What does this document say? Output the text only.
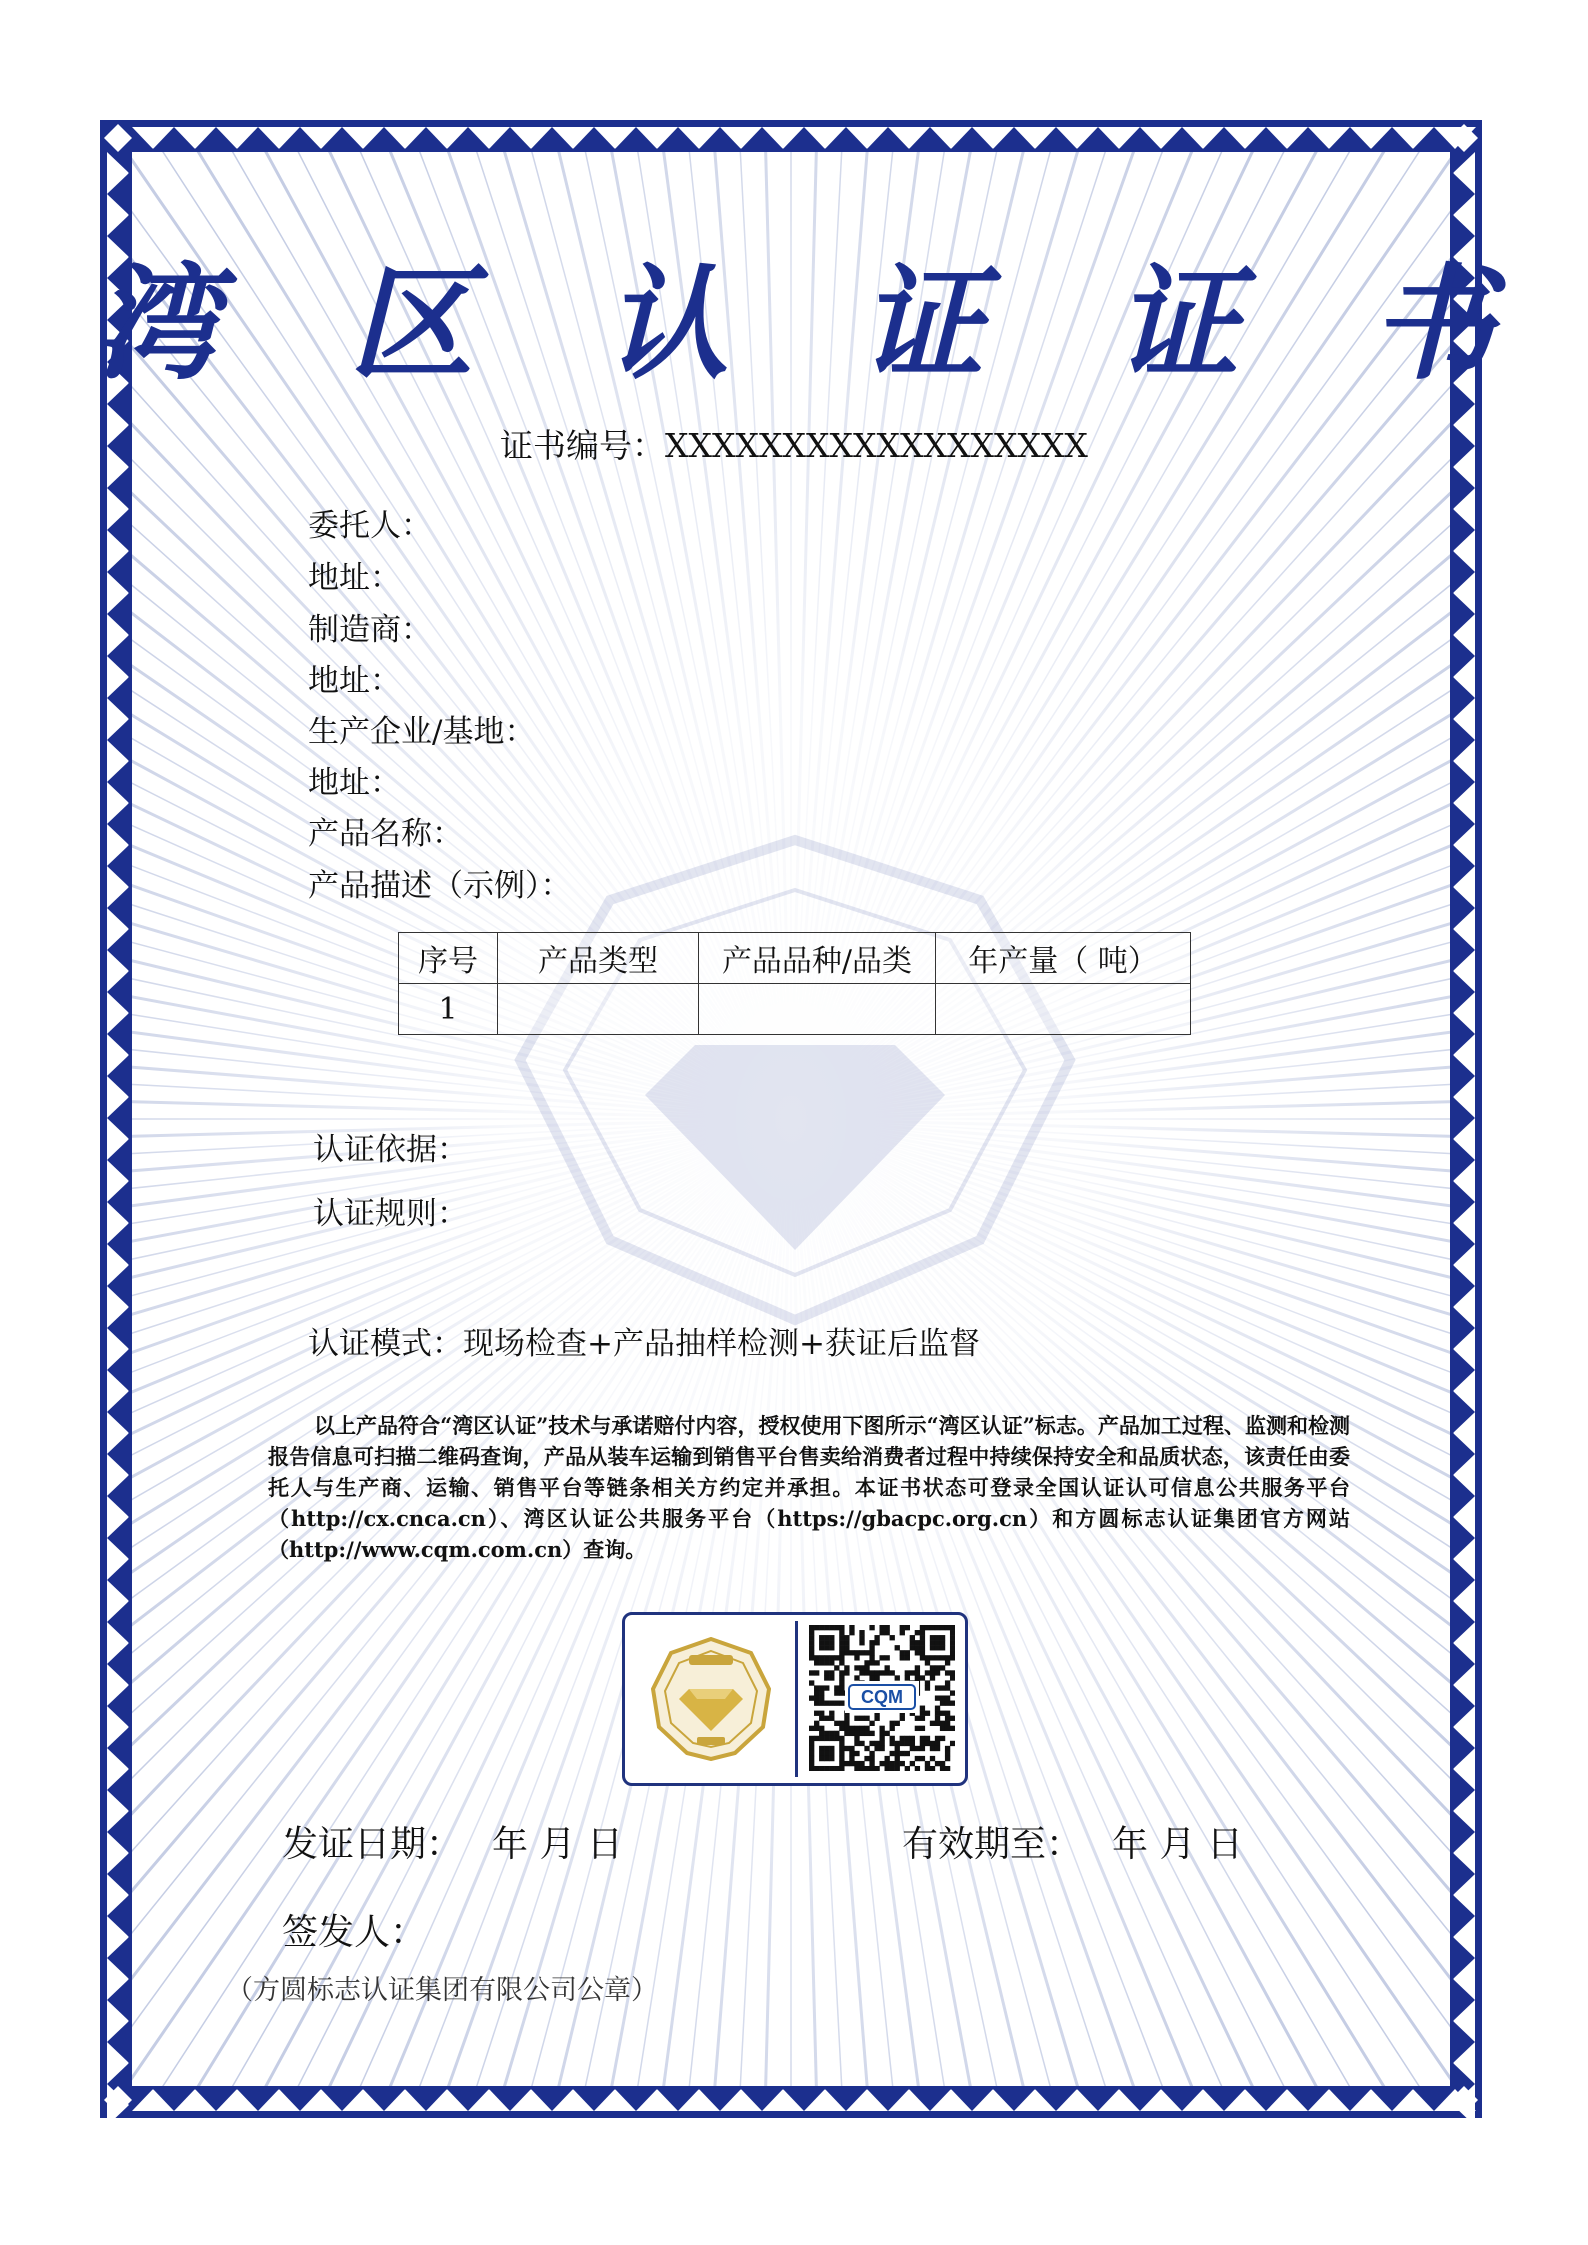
湾 区 认 证 证 书
证书编号：XXXXXXXXXXXXXXXXXX
委托人：
地址：
制造商：
地址：
生产企业/基地：
地址：
产品名称：
产品描述（示例）：
序号	产品类型	产品品种/品类	年产量（ 吨）
1			
认证依据：
认证规则：
认证模式：现场检查+产品抽样检测+获证后监督
以上产品符合“湾区认证”技术与承诺赔付内容，授权使用下图所示“湾区认证”标志。产品加工过程、监测和检测报告信息可扫描二维码查询，产品从装车运输到销售平台售卖给消费者过程中持续保持安全和品质状态，该责任由委托人与生产商、运输、销售平台等链条相关方约定并承担。本证书状态可登录全国认证认可信息公共服务平台（http://cx.cnca.cn）、湾区认证公共服务平台（https://gbacpc.org.cn）和方圆标志认证集团官方网站（http://www.cqm.com.cn）查询。
CQM
发证日期： 年 月 日	有效期至： 年 月 日
签发人：
（方圆标志认证集团有限公司公章）
